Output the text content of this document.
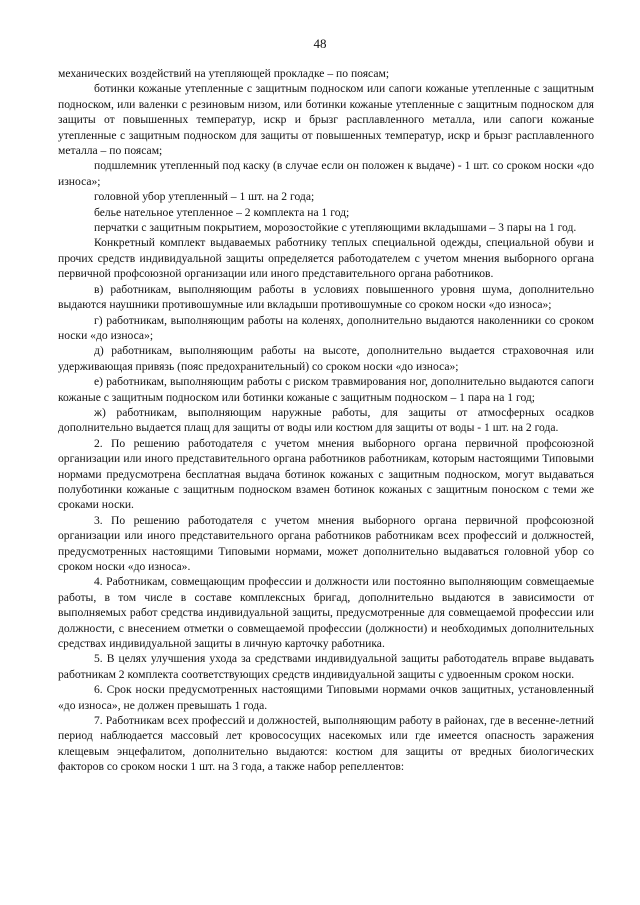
48

механических воздействий на утепляющей прокладке – по поясам;

ботинки кожаные утепленные с защитным подноском или сапоги кожаные утепленные с защитным подноском, или валенки с резиновым низом, или ботинки кожаные утепленные с защитным подноском для защиты от повышенных температур, искр и брызг расплавленного металла, или сапоги кожаные утепленные с защитным подноском для защиты от повышенных температур, искр и брызг расплавленного металла – по поясам;

подшлемник утепленный под каску (в случае если он положен к выдаче) - 1 шт. со сроком носки «до износа»;

головной убор утепленный – 1 шт. на 2 года;

белье нательное утепленное – 2 комплекта на 1 год;

перчатки с защитным покрытием, морозостойкие с утепляющими вкладышами – 3 пары на 1 год.

Конкретный комплект выдаваемых работнику теплых специальной одежды, специальной обуви и прочих средств индивидуальной защиты определяется работодателем с учетом мнения выборного органа первичной профсоюзной организации или иного представительного органа работников.

в) работникам, выполняющим работы в условиях повышенного уровня шума, дополнительно выдаются наушники противошумные или вкладыши противошумные со сроком носки «до износа»;

г) работникам, выполняющим работы на коленях, дополнительно выдаются наколенники со сроком носки «до износа»;

д) работникам, выполняющим работы на высоте, дополнительно выдается страховочная или удерживающая привязь (пояс предохранительный) со сроком носки «до износа»;

е) работникам, выполняющим работы с риском травмирования ног, дополнительно выдаются сапоги кожаные с защитным подноском или ботинки кожаные с защитным подноском – 1 пара на 1 год;

ж) работникам, выполняющим наружные работы, для защиты от атмосферных осадков дополнительно выдается плащ для защиты от воды или костюм для защиты от воды - 1 шт. на 2 года.

2. По решению работодателя с учетом мнения выборного органа первичной профсоюзной организации или иного представительного органа работников работникам, которым настоящими Типовыми нормами предусмотрена бесплатная выдача ботинок кожаных с защитным подноском, могут выдаваться полуботинки кожаные с защитным подноском взамен ботинок кожаных с защитным поноском с теми же сроками носки.

3. По решению работодателя с учетом мнения выборного органа первичной профсоюзной организации или иного представительного органа работников работникам всех профессий и должностей, предусмотренных настоящими Типовыми нормами, может дополнительно выдаваться головной убор со сроком носки «до износа».

4. Работникам, совмещающим профессии и должности или постоянно выполняющим совмещаемые работы, в том числе в составе комплексных бригад, дополнительно выдаются в зависимости от выполняемых работ средства индивидуальной защиты, предусмотренные для совмещаемой профессии или должности, с внесением отметки о совмещаемой профессии (должности) и необходимых дополнительных средствах индивидуальной защиты в личную карточку работника.

5. В целях улучшения ухода за средствами индивидуальной защиты работодатель вправе выдавать работникам 2 комплекта соответствующих средств индивидуальной защиты с удвоенным сроком носки.

6. Срок носки предусмотренных настоящими Типовыми нормами очков защитных, установленный «до износа», не должен превышать 1 года.

7. Работникам всех профессий и должностей, выполняющим работу в районах, где в весенне-летний период наблюдается массовый лет кровососущих насекомых или где имеется опасность заражения клещевым энцефалитом, дополнительно выдаются: костюм для защиты от вредных биологических факторов со сроком носки 1 шт. на 3 года, а также набор репеллентов:
